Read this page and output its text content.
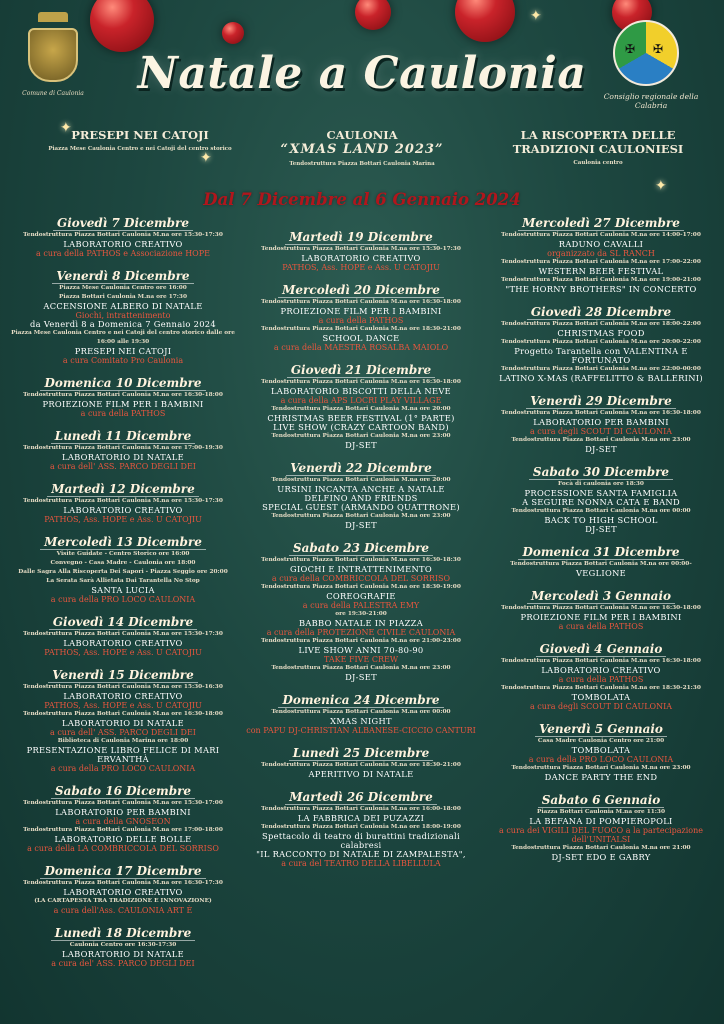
✦
✦
✦
✦
Comune di Caulonia
✠ ✠
Consiglio regionale della Calabria
Natale a Caulonia
PRESEPI NEI CATOJI
Piazza Mese Caulonia Centro e nei Catoji del centro storico
CAULONIA
“XMAS LAND 2023”
Tendostruttura Piazza Bottari Caulonia Marina
LA RISCOPERTA DELLE TRADIZIONI CAULONIESI
Caulonia centro
Dal 7 Dicembre al 6 Gennaio 2024
Giovedì 7 Dicembre
Tendostruttura Piazza Bottari Caulonia M.na ore 15:30-17:30
LABORATORIO CREATIVO
a cura della PATHOS e Associazione HOPE
Venerdì 8 Dicembre
Piazza Mese Caulonia Centro ore 16:00
Piazza Bottari Caulonia M.na ore 17:30
ACCENSIONE ALBERO DI NATALE
Giochi, intrattenimento
da Venerdì 8 a Domenica 7 Gennaio 2024
Piazza Mese Caulonia Centro e nei Catoji del centro storico dalle ore 16:00 alle 19:30
PRESEPI NEI CATOJI
a cura Comitato Pro Caulonia
Domenica 10 Dicembre
Tendostruttura Piazza Bottari Caulonia M.na ore 16:30-18:00
PROIEZIONE FILM PER I BAMBINI
a cura della PATHOS
Lunedì 11 Dicembre
Tendostruttura Piazza Bottari Caulonia M.na ore 17:00-19:30
LABORATORIO DI NATALE
a cura dell' ASS. PARCO DEGLI DEI
Martedì 12 Dicembre
Tendostruttura Piazza Bottari Caulonia M.na ore 15:30-17:30
LABORATORIO CREATIVO
PATHOS, Ass. HOPE e Ass. U CATOJIU
Mercoledì 13 Dicembre
Visite Guidate - Centro Storico ore 16:00
Convegno - Casa Madre - Caulonia ore 18:00
Dalle Sagra Alla Riscoperta Dei Sapori - Piazza Seggio ore 20:00
La Serata Sarà Allietata Dai Tarantella No Stop
SANTA LUCIA
a cura della PRO LOCO CAULONIA
Giovedì 14 Dicembre
Tendostruttura Piazza Bottari Caulonia M.na ore 15:30-17:30
LABORATORIO CREATIVO
PATHOS, Ass. HOPE e Ass. U CATOJIU
Venerdì 15 Dicembre
Tendostruttura Piazza Bottari Caulonia M.na ore 15:30-16:30
LABORATORIO CREATIVO
PATHOS, Ass. HOPE e Ass. U CATOJIU
Tendostruttura Piazza Bottari Caulonia M.na ore 16:30-18:00
LABORATORIO DI NATALE
a cura dell' ASS. PARCO DEGLI DEI
Biblioteca di Caulonia Marina ore 18:00
PRESENTAZIONE LIBRO FELICE DI MARI
ERVANTHÀ
a cura della PRO LOCO CAULONIA
Sabato 16 Dicembre
Tendostruttura Piazza Bottari Caulonia M.na ore 15:30-17:00
LABORATORIO PER BAMBINI
a cura della GNOSEON
Tendostruttura Piazza Bottari Caulonia M.na ore 17:00-18:00
LABORATORIO DELLE BOLLE
a cura della LA COMBRICCOLA DEL SORRISO
Domenica 17 Dicembre
Tendostruttura Piazza Bottari Caulonia M.na ore 16:30-17:30
LABORATORIO CREATIVO
(LA CARTAPESTA TRA TRADIZIONE E INNOVAZIONE)
a cura dell'Ass. CAULONIA ART È
Lunedì 18 Dicembre
Caulonia Centro ore 16:30-17:30
LABORATORIO DI NATALE
a cura del' ASS. PARCO DEGLI DEI
Martedì 19 Dicembre
Tendostruttura Piazza Bottari Caulonia M.na ore 15:30-17:30
LABORATORIO CREATIVO
PATHOS, Ass. HOPE e Ass. U CATOJIU
Mercoledì 20 Dicembre
Tendostruttura Piazza Bottari Caulonia M.na ore 16:30-18:00
PROIEZIONE FILM PER I BAMBINI
a cura della PATHOS
Tendostruttura Piazza Bottari Caulonia M.na ore 18:30-21:00
SCHOOL DANCE
a cura della MAESTRA ROSALBA MAIOLO
Giovedì 21 Dicembre
Tendostruttura Piazza Bottari Caulonia M.na ore 16:30-18:00
LABORATORIO BISCOTTI DELLA NEVE
a cura della APS LOCRI PLAY VILLAGE
Tendostruttura Piazza Bottari Caulonia M.na ore 20:00
CHRISTMAS BEER FESTIVAL (1° PARTE)
LIVE SHOW (CRAZY CARTOON BAND)
Tendostruttura Piazza Bottari Caulonia M.na ore 23:00
DJ-SET
Venerdì 22 Dicembre
Tendostruttura Piazza Bottari Caulonia M.na ore 20:00
URSINI INCANTA ANCHE A NATALE
DELFINO AND FRIENDS
SPECIAL GUEST (ARMANDO QUATTRONE)
Tendostruttura Piazza Bottari Caulonia M.na ore 23:00
DJ-SET
Sabato 23 Dicembre
Tendostruttura Piazza Bottari Caulonia M.na ore 16:30-18:30
GIOCHI E INTRATTENIMENTO
a cura della COMBRICCOLA DEL SORRISO
Tendostruttura Piazza Bottari Caulonia M.na ore 18:30-19:00
COREOGRAFIE
a cura della PALESTRA EMY
ore 19:30-21:00
BABBO NATALE IN PIAZZA
a cura della PROTEZIONE CIVILE CAULONIA
Tendostruttura Piazza Bottari Caulonia M.na ore 21:00-23:00
LIVE SHOW ANNI 70-80-90
TAKE FIVE CREW
Tendostruttura Piazza Bottari Caulonia M.na ore 23:00
DJ-SET
Domenica 24 Dicembre
Tendostruttura Piazza Bottari Caulonia M.na ore 00:00
XMAS NIGHT
con PAPU DJ-CHRISTIAN ALBANESE-CICCIO CANTURI
Lunedì 25 Dicembre
Tendostruttura Piazza Bottari Caulonia M.na ore 18:30-21:00
APERITIVO DI NATALE
Martedì 26 Dicembre
Tendostruttura Piazza Bottari Caulonia M.na ore 16:00-18:00
LA FABBRICA DEI PUZAZZI
Tendostruttura Piazza Bottari Caulonia M.na ore 18:00-19:00
Spettacolo di teatro di burattini tradizionali calabresi
"IL RACCONTO DI NATALE DI ZAMPALESTA",
a cura del TEATRO DELLA LIBELLULA
Mercoledì 27 Dicembre
Tendostruttura Piazza Bottari Caulonia M.na ore 14:00-17:00
RADUNO CAVALLI
organizzato da SL RANCH
Tendostruttura Piazza Bottari Caulonia M.na ore 17:00-22:00
WESTERN BEER FESTIVAL
Tendostruttura Piazza Bottari Caulonia M.na ore 19:00-21:00
"THE HORNY BROTHERS" IN CONCERTO
Giovedì 28 Dicembre
Tendostruttura Piazza Bottari Caulonia M.na ore 18:00-22:00
CHRISTMAS FOOD
Tendostruttura Piazza Bottari Caulonia M.na ore 20:00-22:00
Progetto Tarantella con VALENTINA E FORTUNATO
Tendostruttura Piazza Bottari Caulonia M.na ore 22:00-00:00
LATINO X-MAS (RAFFELITTO & BALLERINI)
Venerdì 29 Dicembre
Tendostruttura Piazza Bottari Caulonia M.na ore 16:30-18:00
LABORATORIO PER BAMBINI
a cura degli SCOUT DI CAULONIA
Tendostruttura Piazza Bottari Caulonia M.na ore 23:00
DJ-SET
Sabato 30 Dicembre
Focà di caulonia ore 18:30
PROCESSIONE SANTA FAMIGLIA
A SEGUIRE NONNA CATA E BAND
Tendostruttura Piazza Bottari Caulonia M.na ore 00:00
BACK TO HIGH SCHOOL
DJ-SET
Domenica 31 Dicembre
Tendostruttura Piazza Bottari Caulonia M.na ore 00:00-
VEGLIONE
Mercoledì 3 Gennaio
Tendostruttura Piazza Bottari Caulonia M.na ore 16:30-18:00
PROIEZIONE FILM PER I BAMBINI
a cura della PATHOS
Giovedì 4 Gennaio
Tendostruttura Piazza Bottari Caulonia M.na ore 16:30-18:00
LABORATORIO CREATIVO
a cura della PATHOS
Tendostruttura Piazza Bottari Caulonia M.na ore 18:30-21:30
TOMBOLATA
a cura degli SCOUT DI CAULONIA
Venerdì 5 Gennaio
Casa Madre Caulonia Centro ore 21:00
TOMBOLATA
a cura della PRO LOCO CAULONIA
Tendostruttura Piazza Bottari Caulonia M.na ore 23:00
DANCE PARTY THE END
Sabato 6 Gennaio
Piazza Bottari Caulonia M.na ore 11:30
LA BEFANA DI POMPIEROPOLI
a cura dei VIGILI DEL FUOCO a la partecipazione dell'UNITALSI
Tendostruttura Piazza Bottari Caulonia M.na ore 21:00
DJ-SET EDO E GABRY
